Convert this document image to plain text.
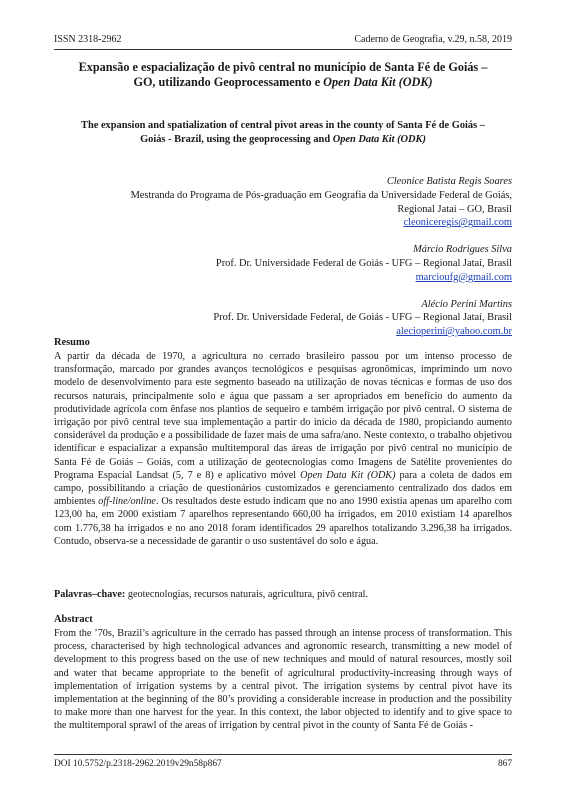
ISSN 2318-2962	Caderno de Geografia, v.29, n.58, 2019
Expansão e espacialização de pivô central no município de Santa Fé de Goiás –
GO, utilizando Geoprocessamento e Open Data Kit (ODK)
The expansion and spatialization of central pivot areas in the county of Santa Fé de Goiás –
Goiás - Brazil, using the geoprocessing and Open Data Kit (ODK)
Cleonice Batista Regis Soares
Mestranda do Programa de Pós-graduação em Geografia da Universidade Federal de Goiás,
Regional Jataí – GO, Brasil
cleoniceregis@gmail.com
Márcio Rodrigues Silva
Prof. Dr. Universidade Federal de Goiás - UFG – Regional Jataí, Brasil
marcioufg@gmail.com
Alécio Perini Martins
Prof. Dr. Universidade Federal, de Goiás - UFG – Regional Jataí, Brasil
alecioperini@yahoo.com.br
Resumo
A partir da década de 1970, a agricultura no cerrado brasileiro passou por um intenso processo de transformação, marcado por grandes avanços tecnológicos e pesquisas agronômicas, imprimindo um novo modelo de desenvolvimento para este segmento baseado na utilização de novas técnicas e formas de uso dos recursos naturais, principalmente solo e água que passam a ser apropriados em benefício do aumento da produtividade agrícola com ênfase nos plantios de sequeiro e também irrigação por pivô central. O sistema de irrigação por pivô central teve sua implementação a partir do início da década de 1980, propiciando aumento considerável da produção e a possibilidade de fazer mais de uma safra/ano. Neste contexto, o trabalho objetivou identificar e espacializar a expansão multitemporal das áreas de irrigação por pivô central no município de Santa Fé de Goiás – Goiás, com a utilização de geotecnologias como Imagens de Satélite provenientes do Programa Espacial Landsat (5, 7 e 8) e aplicativo móvel Open Data Kit (ODK) para a coleta de dados em campo, possibilitando a criação de questionários customizados e gerenciamento centralizado dos dados em ambientes off-line/online. Os resultados deste estudo indicam que no ano 1990 existia apenas um aparelho com 123,00 ha, em 2000 existiam 7 aparelhos representando 660,00 ha irrigados, em 2010 existiam 14 aparelhos com 1.776,38 ha irrigados e no ano 2018 foram identificados 29 aparelhos totalizando 3.296,38 ha irrigados. Contudo, observa-se a necessidade de garantir o uso sustentável do solo e água.
Palavras–chave: geotecnologias, recursos naturais, agricultura, pivô central.
Abstract
From the ’70s, Brazil’s agriculture in the cerrado has passed through an intense process of transformation. This process, characterised by high technological advances and agronomic research, transmitting a new model of development to this progress based on the use of new techniques and mould of natural resources, mostly soil and water that became appropriate to the benefit of agricultural productivity-increasing through ways of implementation of irrigation systems by a central pivot. The irrigation systems by central pivot have its implementation at the beginning of the 80’s providing a considerable increase in production and the possibility to make more than one harvest for the year. In this context, the labor objected to identify and to give space to the multitemporal sprawl of the areas of irrigation by central pivot in the county of Santa Fé de Goiás -
DOI 10.5752/p.2318-2962.2019v29n58p867	867
